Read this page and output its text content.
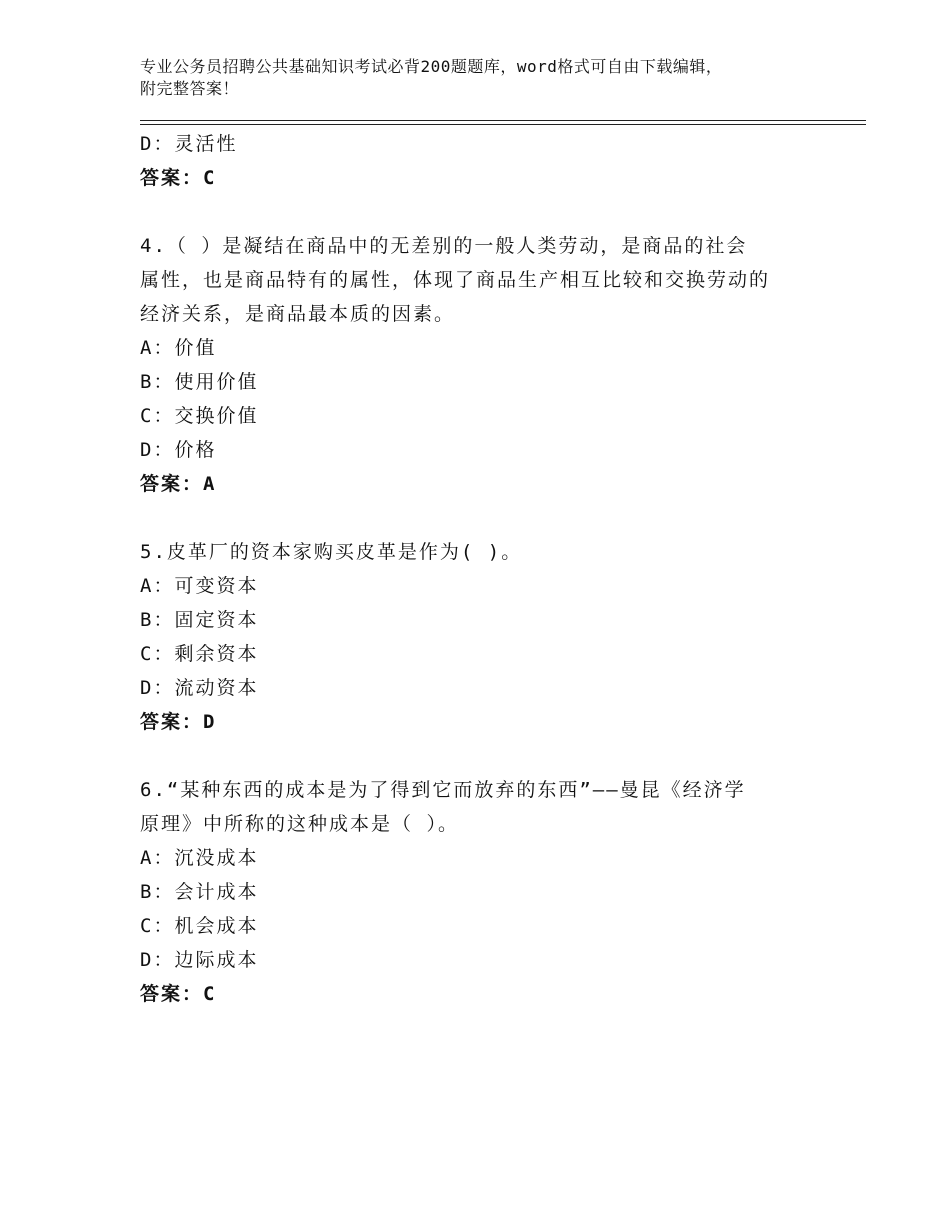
专业公务员招聘公共基础知识考试必背200题题库，word格式可自由下载编辑，
附完整答案！
D：灵活性
答案：C
4.（ ）是凝结在商品中的无差别的一般人类劳动，是商品的社会
属性，也是商品特有的属性，体现了商品生产相互比较和交换劳动的
经济关系，是商品最本质的因素。
A：价值
B：使用价值
C：交换价值
D：价格
答案：A
5.皮革厂的资本家购买皮革是作为( )。
A：可变资本
B：固定资本
C：剩余资本
D：流动资本
答案：D
6.“某种东西的成本是为了得到它而放弃的东西”——曼昆《经济学
原理》中所称的这种成本是（ ）。
A：沉没成本
B：会计成本
C：机会成本
D：边际成本
答案：C
